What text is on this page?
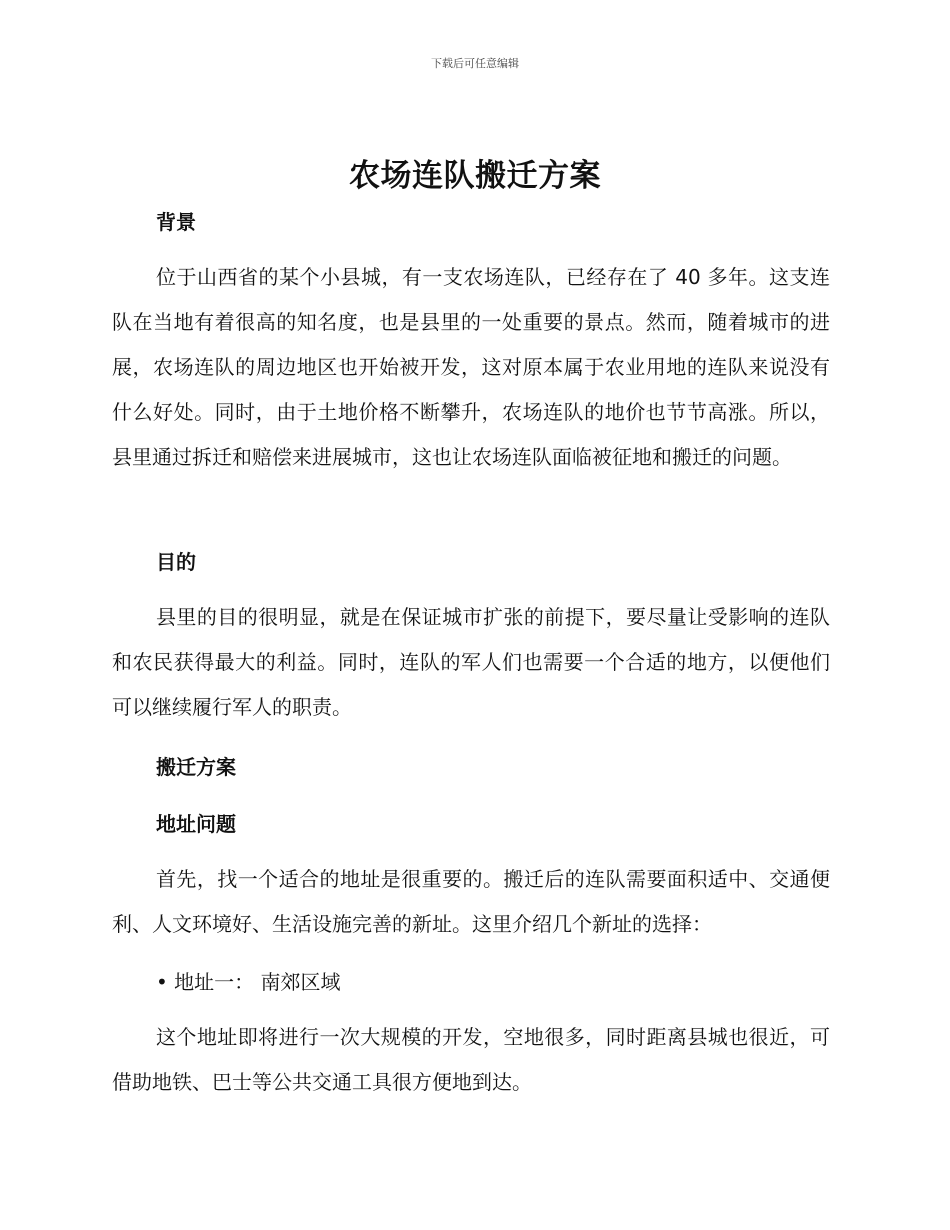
下载后可任意编辑
农场连队搬迁方案
背景
位于山西省的某个小县城，有一支农场连队，已经存在了 40 多年。这支连队在当地有着很高的知名度，也是县里的一处重要的景点。然而，随着城市的进展，农场连队的周边地区也开始被开发，这对原本属于农业用地的连队来说没有什么好处。同时，由于土地价格不断攀升，农场连队的地价也节节高涨。所以，县里通过拆迁和赔偿来进展城市，这也让农场连队面临被征地和搬迁的问题。
目的
县里的目的很明显，就是在保证城市扩张的前提下，要尽量让受影响的连队和农民获得最大的利益。同时，连队的军人们也需要一个合适的地方，以便他们可以继续履行军人的职责。
搬迁方案
地址问题
首先，找一个适合的地址是很重要的。搬迁后的连队需要面积适中、交通便利、人文环境好、生活设施完善的新址。这里介绍几个新址的选择：
• 地址一： 南郊区域
这个地址即将进行一次大规模的开发，空地很多，同时距离县城也很近，可借助地铁、巴士等公共交通工具很方便地到达。
